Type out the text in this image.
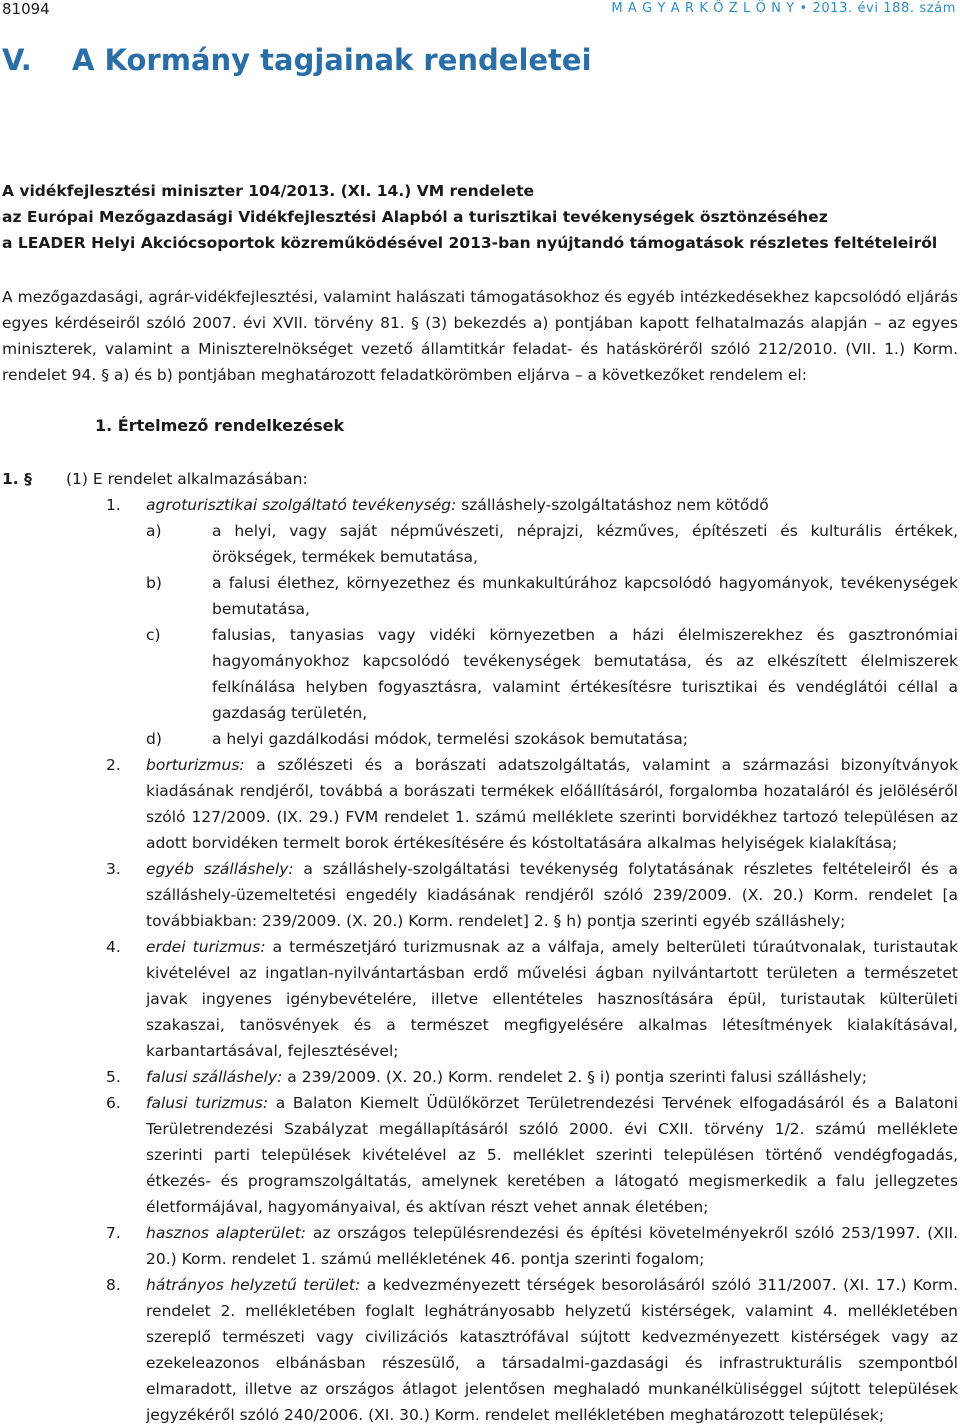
81094	M A G Y A R K Ö Z L Ö N Y • 2013. évi 188. szám
V. A Kormány tagjainak rendeletei
A vidékfejlesztési miniszter 104/2013. (XI. 14.) VM rendelete
az Európai Mezőgazdasági Vidékfejlesztési Alapból a turisztikai tevékenységek ösztönzéséhez
a LEADER Helyi Akciócsoportok közreműködésével 2013-ban nyújtandó támogatások részletes feltételeiről
A mezőgazdasági, agrár-vidékfejlesztési, valamint halászati támogatásokhoz és egyéb intézkedésekhez kapcsolódó eljárás egyes kérdéseiről szóló 2007. évi XVII. törvény 81. § (3) bekezdés a) pontjában kapott felhatalmazás alapján – az egyes miniszterek, valamint a Miniszterelnökséget vezető államtitkár feladat- és hatásköréről szóló 212/2010. (VII. 1.) Korm. rendelet 94. § a) és b) pontjában meghatározott feladatkörömben eljárva – a következőket rendelem el:
1. Értelmező rendelkezések
1. § (1) E rendelet alkalmazásában:
1. agroturisztikai szolgáltató tevékenység: szálláshely-szolgáltatáshoz nem kötődő
a)	a helyi, vagy saját népművészeti, néprajzi, kézműves, építészeti és kulturális értékek, örökségek, termékek bemutatása,
b)	a falusi élethez, környezethez és munkakultúrához kapcsolódó hagyományok, tevékenységek bemutatása,
c)	falusias, tanyasias vagy vidéki környezetben a házi élelmiszerekhez és gasztronómiai hagyományokhoz kapcsolódó tevékenységek bemutatása, és az elkészített élelmiszerek felkínálása helyben fogyasztásra, valamint értékesítésre turisztikai és vendéglátói céllal a gazdaság területén,
d)	a helyi gazdálkodási módok, termelési szokások bemutatása;
2. borturizmus: a szőlészeti és a borászati adatszolgáltatás, valamint a származási bizonyítványok kiadásának rendjéről, továbbá a borászati termékek előállításáról, forgalomba hozataláról és jelöléséről szóló 127/2009. (IX. 29.) FVM rendelet 1. számú melléklete szerinti borvidékhez tartozó településen az adott borvidéken termelt borok értékesítésére és kóstoltatására alkalmas helyiségek kialakítása;
3. egyéb szálláshely: a szálláshely-szolgáltatási tevékenység folytatásának részletes feltételeiről és a szálláshely-üzemeltetési engedély kiadásának rendjéről szóló 239/2009. (X. 20.) Korm. rendelet [a továbbiakban: 239/2009. (X. 20.) Korm. rendelet] 2. § h) pontja szerinti egyéb szálláshely;
4. erdei turizmus: a természetjáró turizmusnak az a válfaja, amely belterületi túraútvonalak, turistautak kivételével az ingatlan-nyilvántartásban erdő művelési ágban nyilvántartott területen a természetet javak ingyenes igénybevételére, illetve ellentételes hasznosítására épül, turistautak külterületi szakaszai, tanösvények és a természet megfigyelésére alkalmas létesítmények kialakításával, karbantartásával, fejlesztésével;
5. falusi szálláshely: a 239/2009. (X. 20.) Korm. rendelet 2. § i) pontja szerinti falusi szálláshely;
6. falusi turizmus: a Balaton Kiemelt Üdülőkörzet Területrendezési Tervének elfogadásáról és a Balatoni Területrendezési Szabályzat megállapításáról szóló 2000. évi CXII. törvény 1/2. számú melléklete szerinti parti települések kivételével az 5. melléklet szerinti településen történő vendégfogadás, étkezés- és programszolgáltatás, amelynek keretében a látogató megismerkedik a falu jellegzetes életformájával, hagyományaival, és aktívan részt vehet annak életében;
7. hasznos alapterület: az országos településrendezési és építési követelményekről szóló 253/1997. (XII. 20.) Korm. rendelet 1. számú mellékletének 46. pontja szerinti fogalom;
8. hátrányos helyzetű terület: a kedvezményezett térségek besorolásáról szóló 311/2007. (XI. 17.) Korm. rendelet 2. mellékletében foglalt leghátrányosabb helyzetű kistérségek, valamint 4. mellékletében szereplő természeti vagy civilizációs katasztrófával sújtott kedvezményezett kistérségek vagy az ezekeleazonos elbánásban részesülő, a társadalmi-gazdasági és infrastrukturális szempontból elmaradott, illetve az országos átlagot jelentősen meghaladó munkanélküliséggel sújtott települések jegyzékéről szóló 240/2006. (XI. 30.) Korm. rendelet mellékletében meghatározott települések;
